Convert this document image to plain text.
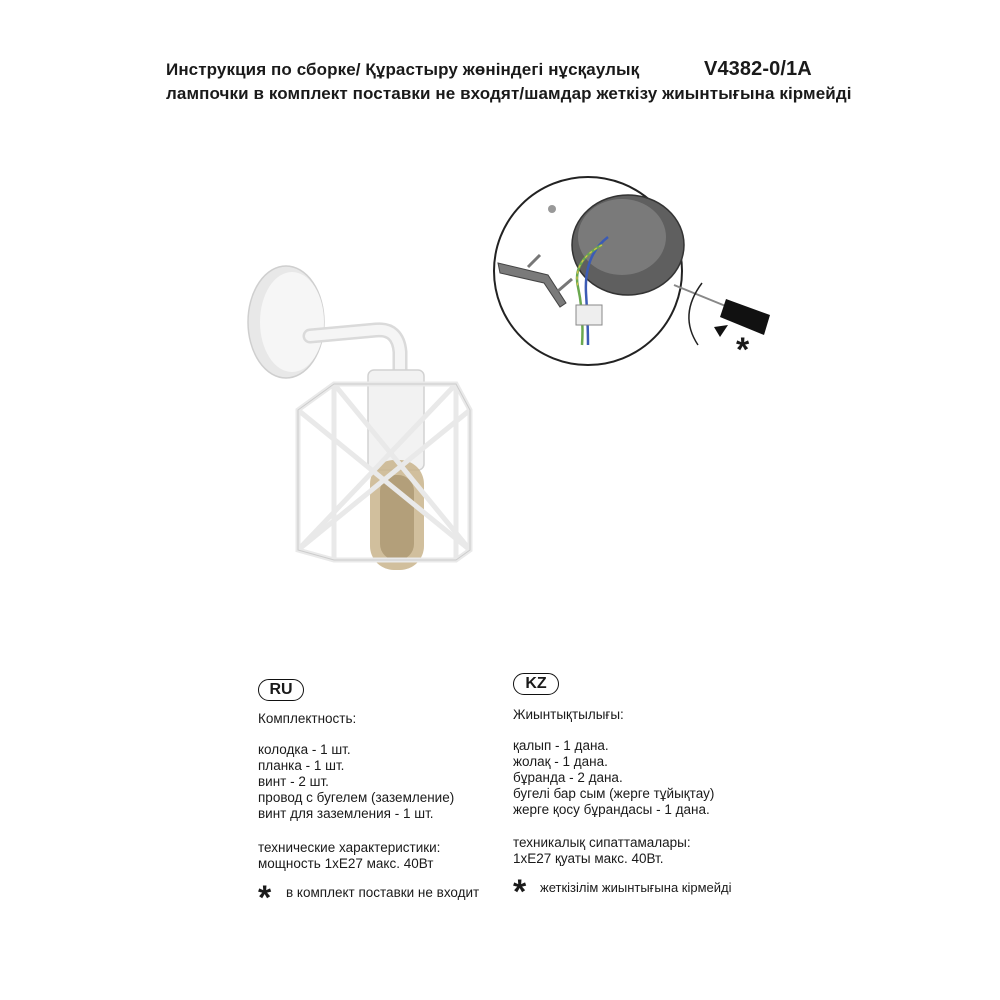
Инструкция по сборке/ Құрастыру жөніндегі нұсқаулық	V4382-0/1A
лампочки в комплект поставки не входят/шамдар жеткізу жиынтығына кірмейді
*
RU
Комплектность:
колодка - 1 шт.
планка - 1 шт.
винт - 2 шт.
провод с бугелем (заземление)
винт для заземления - 1 шт.
технические характеристики:
мощность 1хЕ27 макс. 40Вт
* в комплект поставки не входит
KZ
Жиынтықтылығы:
қалып - 1 дана.
жолақ - 1 дана.
бұранда - 2 дана.
бугелі бар сым (жерге тұйықтау)
жерге қосу бұрандасы - 1 дана.
техникалық сипаттамалары:
1хЕ27 қуаты макс. 40Вт.
* жеткізілім жиынтығына кірмейді
